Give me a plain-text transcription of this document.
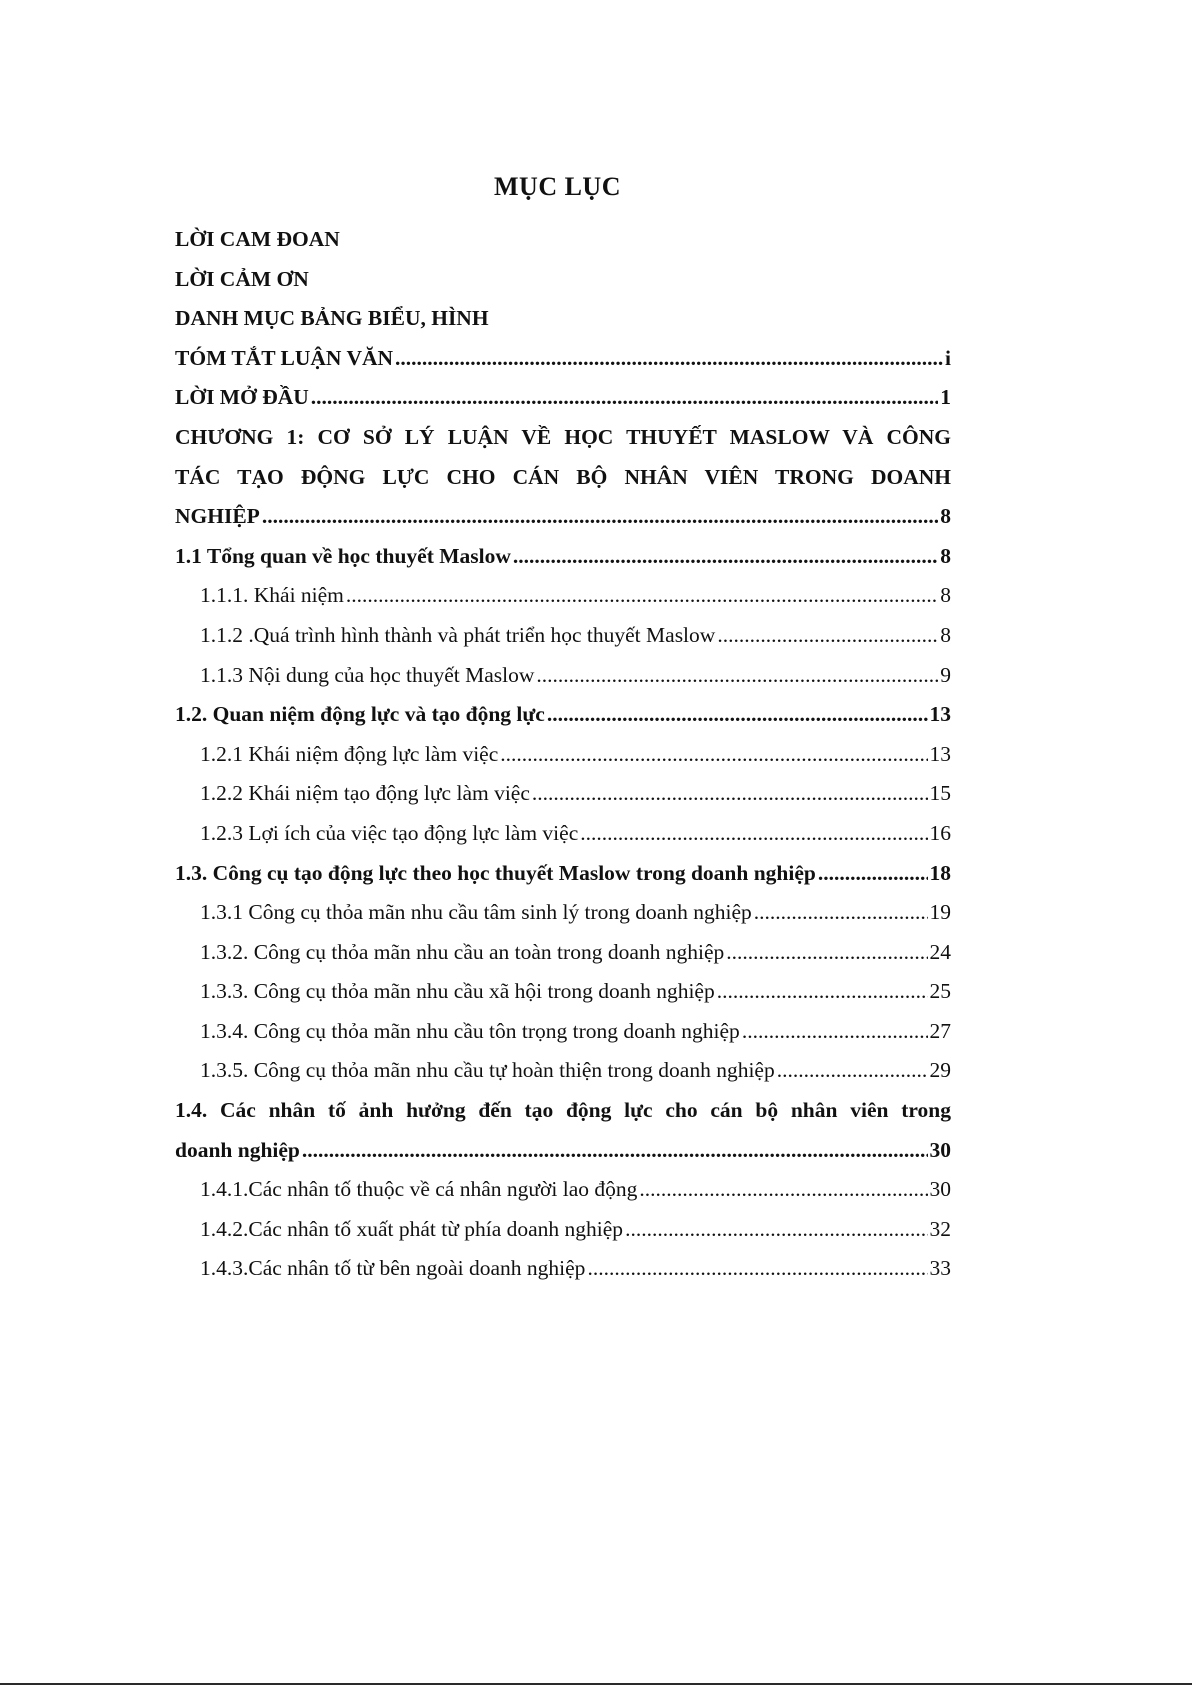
MỤC LỤC
LỜI CAM ĐOAN
LỜI CẢM ƠN
DANH MỤC BẢNG BIỂU, HÌNH
TÓM TẮT LUẬN VĂN .....	i
LỜI MỞ ĐẦU .....	1
CHƯƠNG 1: CƠ SỞ LÝ LUẬN VỀ HỌC THUYẾT MASLOW VÀ CÔNG
TÁC TẠO ĐỘNG LỰC CHO CÁN BỘ NHÂN VIÊN TRONG DOANH
NGHIỆP .....	8
1.1 Tổng quan về học thuyết Maslow .....	8
1.1.1. Khái niệm .....	8
1.1.2 .Quá trình hình thành và phát triển học thuyết Maslow .....	8
1.1.3 Nội dung của học thuyết Maslow .....	9
1.2. Quan niệm động lực và tạo động lực .....	13
1.2.1 Khái niệm động lực làm việc .....	13
1.2.2 Khái niệm tạo động lực làm việc .....	15
1.2.3 Lợi ích của việc tạo động lực làm việc .....	16
1.3. Công cụ tạo động lực theo học thuyết Maslow trong doanh nghiệp .....	18
1.3.1 Công cụ thỏa mãn nhu cầu tâm sinh lý trong doanh nghiệp .....	19
1.3.2. Công cụ thỏa mãn nhu cầu an toàn trong doanh nghiệp .....	24
1.3.3. Công cụ thỏa mãn nhu cầu xã hội trong doanh nghiệp .....	25
1.3.4. Công cụ thỏa mãn nhu cầu tôn trọng trong doanh nghiệp .....	27
1.3.5. Công cụ thỏa mãn nhu cầu tự hoàn thiện trong doanh nghiệp .....	29
1.4. Các nhân tố ảnh hưởng đến tạo động lực cho cán bộ nhân viên trong
doanh nghiệp .....	30
1.4.1.Các nhân tố thuộc về cá nhân người lao động .....	30
1.4.2.Các nhân tố xuất phát từ phía doanh nghiệp .....	32
1.4.3.Các nhân tố từ bên ngoài doanh nghiệp .....	33
